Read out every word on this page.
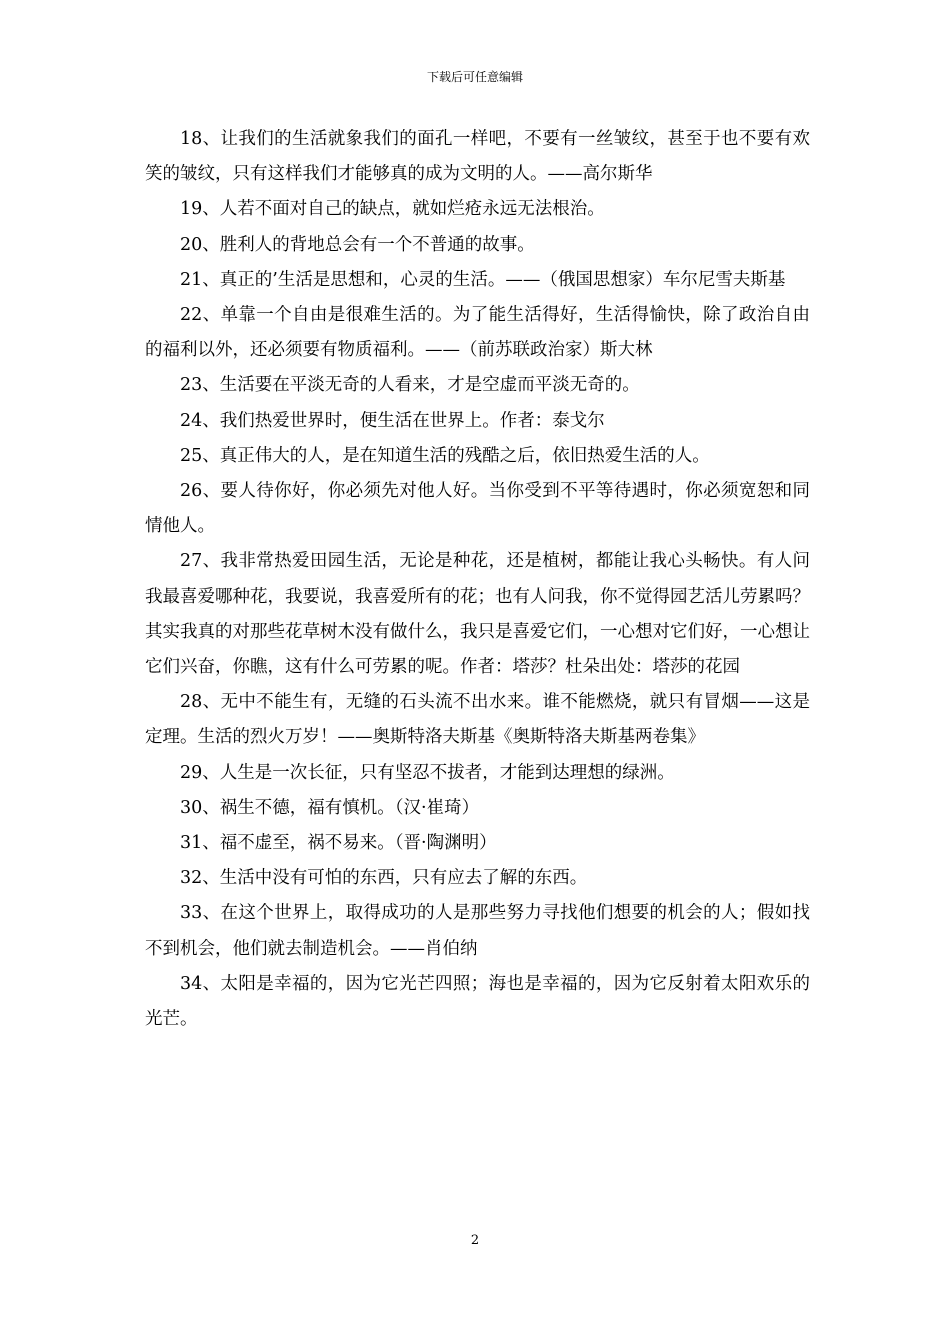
下载后可任意编辑

18、让我们的生活就象我们的面孔一样吧，不要有一丝皱纹，甚至于也不要有欢笑的皱纹，只有这样我们才能够真的成为文明的人。——高尔斯华

19、人若不面对自己的缺点，就如烂疮永远无法根治。

20、胜利人的背地总会有一个不普通的故事。

21、真正的’生活是思想和，心灵的生活。——（俄国思想家）车尔尼雪夫斯基

22、单靠一个自由是很难生活的。为了能生活得好，生活得愉快，除了政治自由的福利以外，还必须要有物质福利。——（前苏联政治家）斯大林

23、生活要在平淡无奇的人看来，才是空虚而平淡无奇的。

24、我们热爱世界时，便生活在世界上。作者：泰戈尔

25、真正伟大的人，是在知道生活的残酷之后，依旧热爱生活的人。

26、要人待你好，你必须先对他人好。当你受到不平等待遇时，你必须宽恕和同情他人。

27、我非常热爱田园生活，无论是种花，还是植树，都能让我心头畅快。有人问我最喜爱哪种花，我要说，我喜爱所有的花；也有人问我，你不觉得园艺活儿劳累吗？其实我真的对那些花草树木没有做什么，我只是喜爱它们，一心想对它们好，一心想让它们兴奋，你瞧，这有什么可劳累的呢。作者：塔莎？杜朵出处：塔莎的花园

28、无中不能生有，无缝的石头流不出水来。谁不能燃烧，就只有冒烟——这是定理。生活的烈火万岁！——奥斯特洛夫斯基《奥斯特洛夫斯基两卷集》

29、人生是一次长征，只有坚忍不拔者，才能到达理想的绿洲。

30、祸生不德，福有慎机。（汉·崔琦）

31、福不虚至，祸不易来。（晋·陶渊明）

32、生活中没有可怕的东西，只有应去了解的东西。

33、在这个世界上，取得成功的人是那些努力寻找他们想要的机会的人；假如找不到机会，他们就去制造机会。——肖伯纳

34、太阳是幸福的，因为它光芒四照；海也是幸福的，因为它反射着太阳欢乐的光芒。

2
